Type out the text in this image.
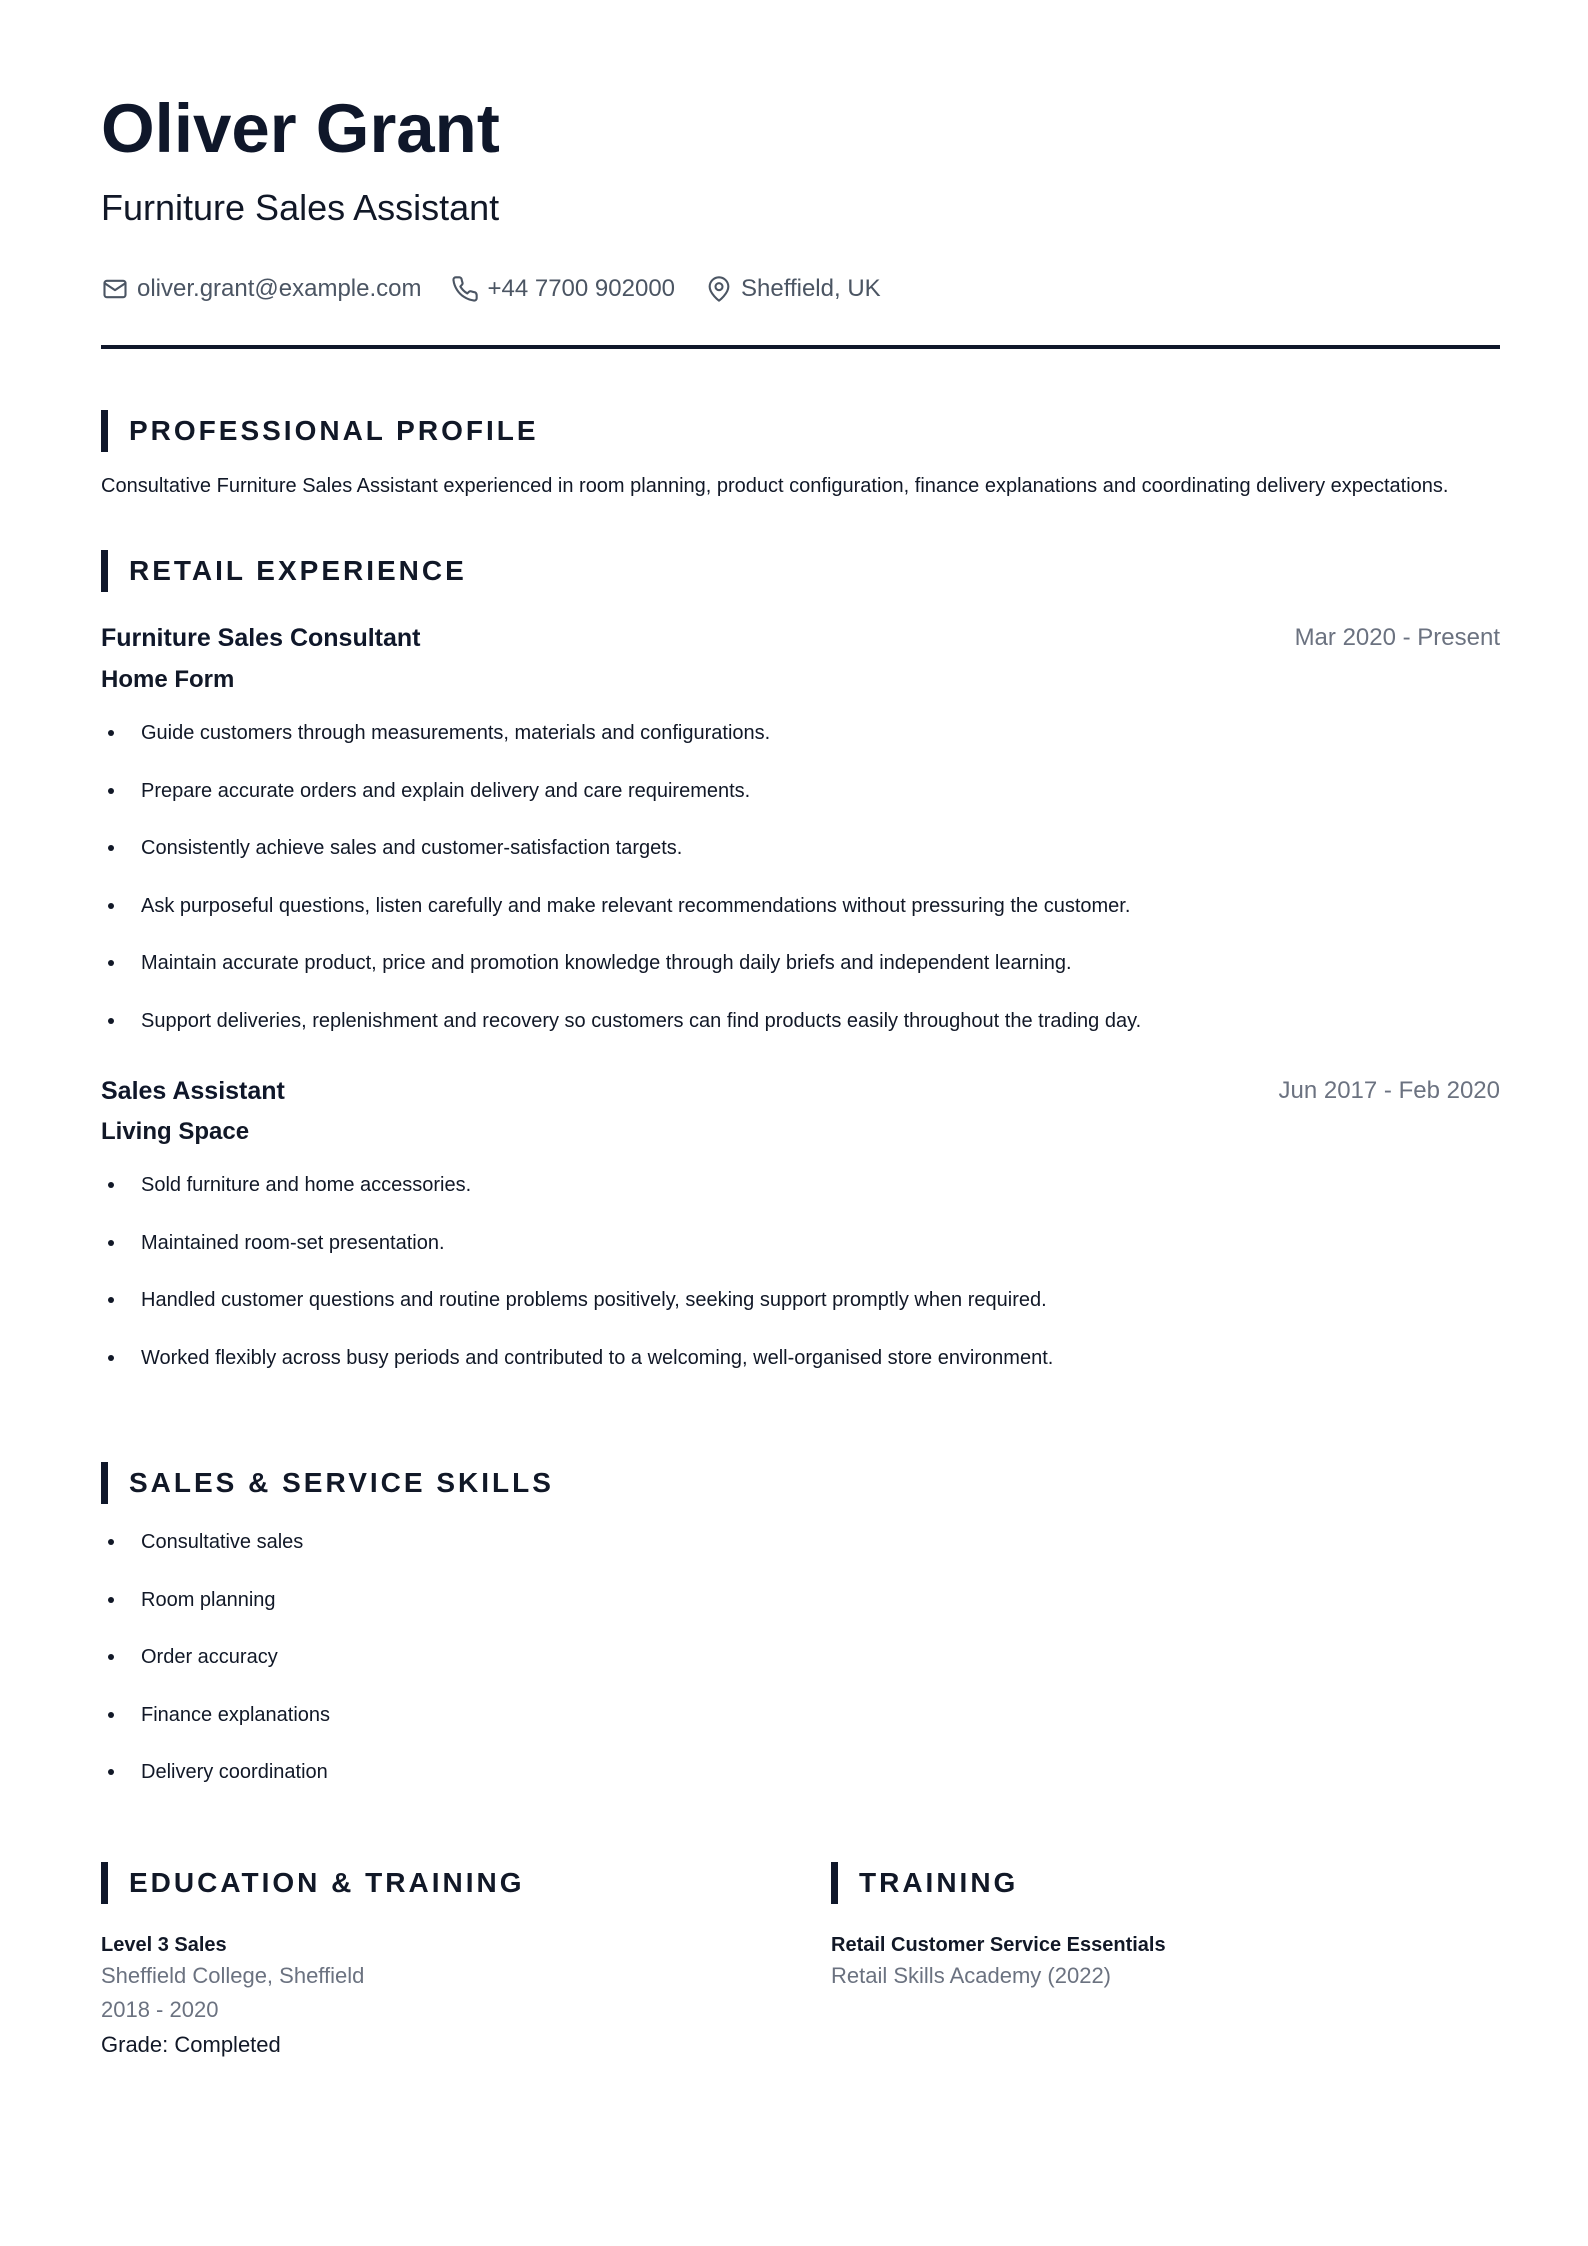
Oliver Grant
Furniture Sales Assistant
oliver.grant@example.com	+44 7700 902000	Sheffield, UK
PROFESSIONAL PROFILE
Consultative Furniture Sales Assistant experienced in room planning, product configuration, finance explanations and coordinating delivery expectations.
RETAIL EXPERIENCE
Furniture Sales Consultant	Mar 2020 - Present
Home Form
Guide customers through measurements, materials and configurations.
Prepare accurate orders and explain delivery and care requirements.
Consistently achieve sales and customer-satisfaction targets.
Ask purposeful questions, listen carefully and make relevant recommendations without pressuring the customer.
Maintain accurate product, price and promotion knowledge through daily briefs and independent learning.
Support deliveries, replenishment and recovery so customers can find products easily throughout the trading day.
Sales Assistant	Jun 2017 - Feb 2020
Living Space
Sold furniture and home accessories.
Maintained room-set presentation.
Handled customer questions and routine problems positively, seeking support promptly when required.
Worked flexibly across busy periods and contributed to a welcoming, well-organised store environment.
SALES & SERVICE SKILLS
Consultative sales
Room planning
Order accuracy
Finance explanations
Delivery coordination
EDUCATION & TRAINING
Level 3 Sales
Sheffield College, Sheffield
2018 - 2020
Grade: Completed
TRAINING
Retail Customer Service Essentials
Retail Skills Academy (2022)
